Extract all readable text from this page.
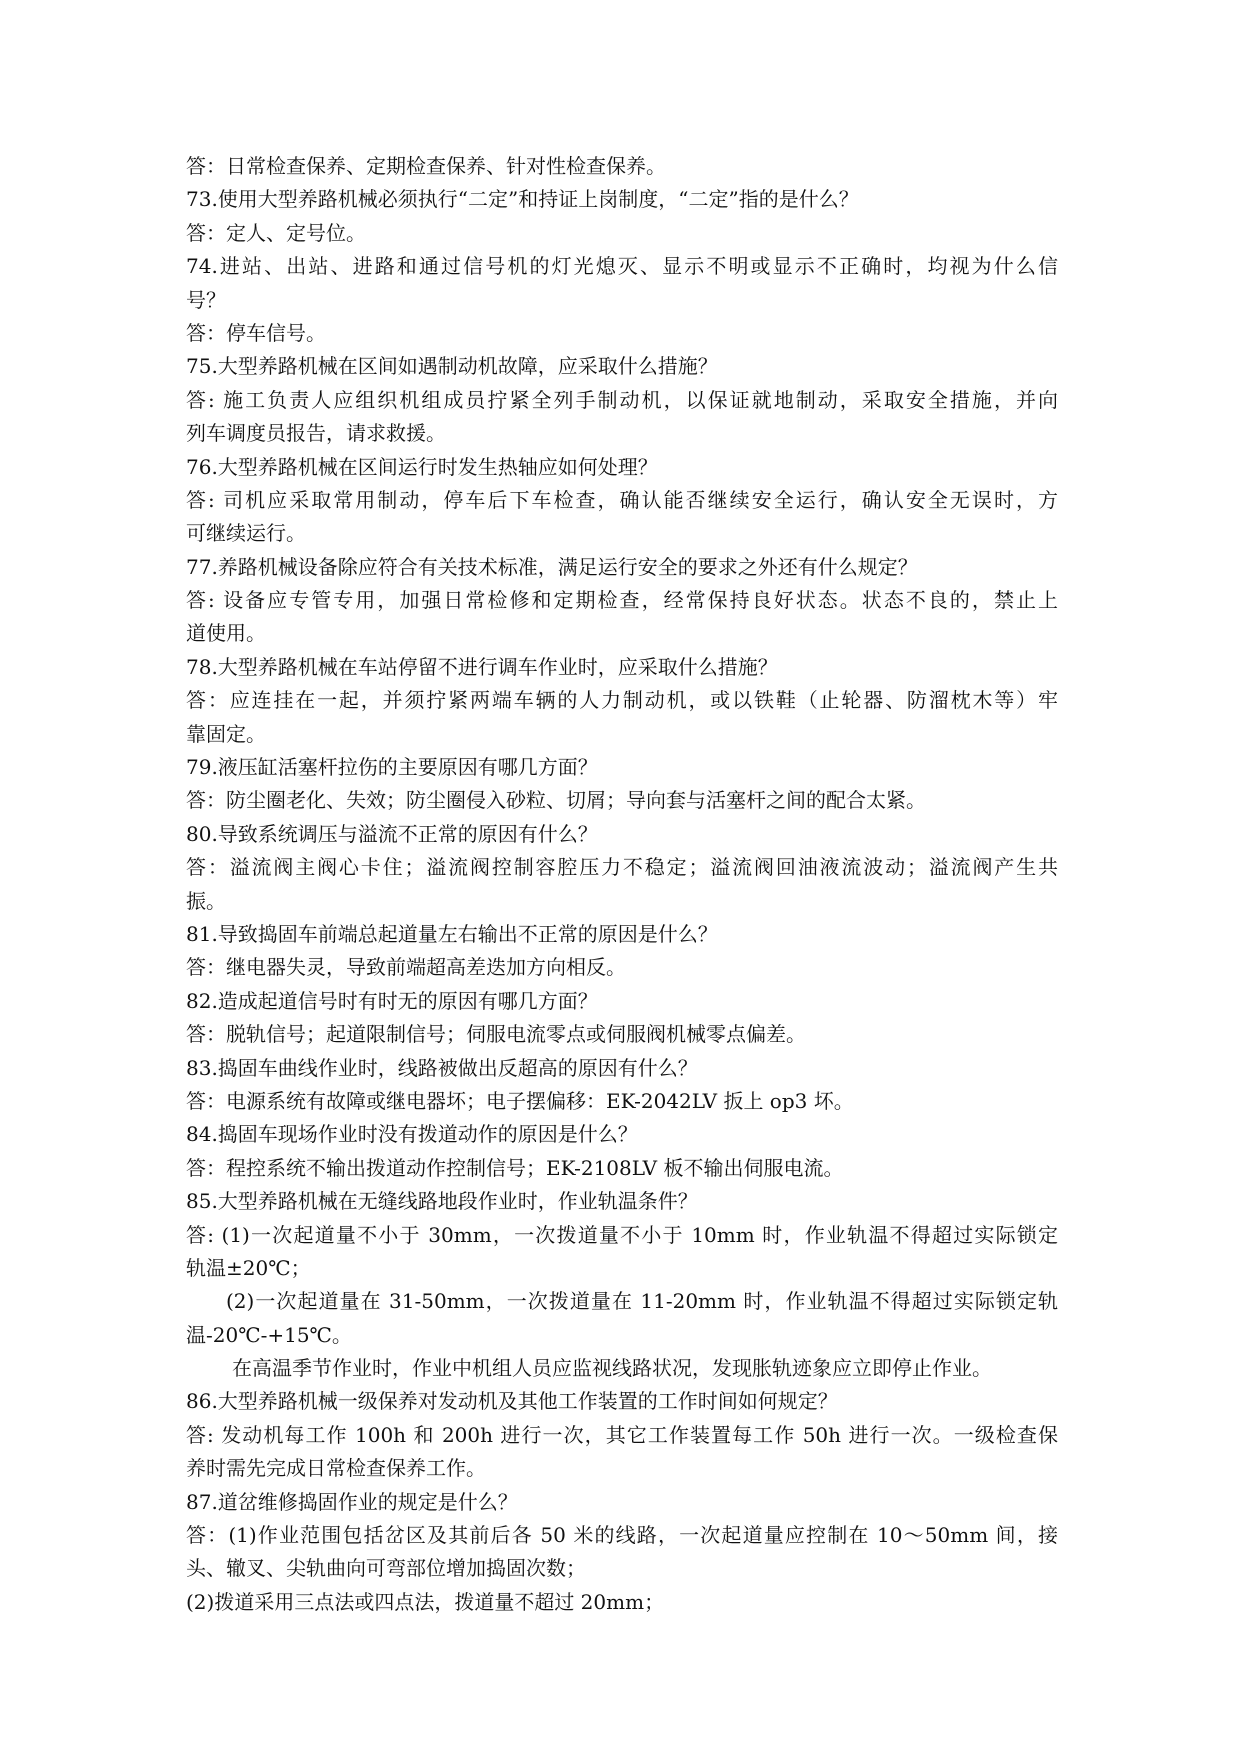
答：日常检查保养、定期检查保养、针对性检查保养。
73.使用大型养路机械必须执行“二定”和持证上岗制度，“二定”指的是什么？
答：定人、定号位。
74.进站、出站、进路和通过信号机的灯光熄灭、显示不明或显示不正确时，均视为什么信
号？
答：停车信号。
75.大型养路机械在区间如遇制动机故障，应采取什么措施？
答: 施工负责人应组织机组成员拧紧全列手制动机，以保证就地制动，采取安全措施，并向
列车调度员报告，请求救援。
76.大型养路机械在区间运行时发生热轴应如何处理？
答: 司机应采取常用制动，停车后下车检查，确认能否继续安全运行，确认安全无误时，方
可继续运行。
77.养路机械设备除应符合有关技术标准，满足运行安全的要求之外还有什么规定？
答: 设备应专管专用，加强日常检修和定期检查，经常保持良好状态。状态不良的，禁止上
道使用。
78.大型养路机械在车站停留不进行调车作业时，应采取什么措施？
答：应连挂在一起，并须拧紧两端车辆的人力制动机，或以铁鞋（止轮器、防溜枕木等）牢
靠固定。
79.液压缸活塞杆拉伤的主要原因有哪几方面？
答：防尘圈老化、失效；防尘圈侵入砂粒、切屑；导向套与活塞杆之间的配合太紧。
80.导致系统调压与溢流不正常的原因有什么？
答：溢流阀主阀心卡住；溢流阀控制容腔压力不稳定；溢流阀回油液流波动；溢流阀产生共
振。
81.导致捣固车前端总起道量左右输出不正常的原因是什么？
答：继电器失灵，导致前端超高差迭加方向相反。
82.造成起道信号时有时无的原因有哪几方面？
答：脱轨信号；起道限制信号；伺服电流零点或伺服阀机械零点偏差。
83.捣固车曲线作业时，线路被做出反超高的原因有什么？
答：电源系统有故障或继电器坏；电子摆偏移：EK-2042LV 扳上 op3 坏。
84.捣固车现场作业时没有拨道动作的原因是什么？
答：程控系统不输出拨道动作控制信号；EK-2108LV 板不输出伺服电流。
85.大型养路机械在无缝线路地段作业时，作业轨温条件？
答: (1)一次起道量不小于 30mm，一次拨道量不小于 10mm 时，作业轨温不得超过实际锁定
轨温±20℃；
(2)一次起道量在 31-50mm，一次拨道量在 11-20mm 时，作业轨温不得超过实际锁定轨
温-20℃-+15℃。
在高温季节作业时，作业中机组人员应监视线路状况，发现胀轨迹象应立即停止作业。
86.大型养路机械一级保养对发动机及其他工作装置的工作时间如何规定？
答: 发动机每工作 100h 和 200h 进行一次，其它工作装置每工作 50h 进行一次。一级检查保
养时需先完成日常检查保养工作。
87.道岔维修捣固作业的规定是什么？
答：(1)作业范围包括岔区及其前后各 50 米的线路，一次起道量应控制在 10～50mm 间，接
头、辙叉、尖轨曲向可弯部位增加捣固次数；
(2)拨道采用三点法或四点法，拨道量不超过 20mm；
